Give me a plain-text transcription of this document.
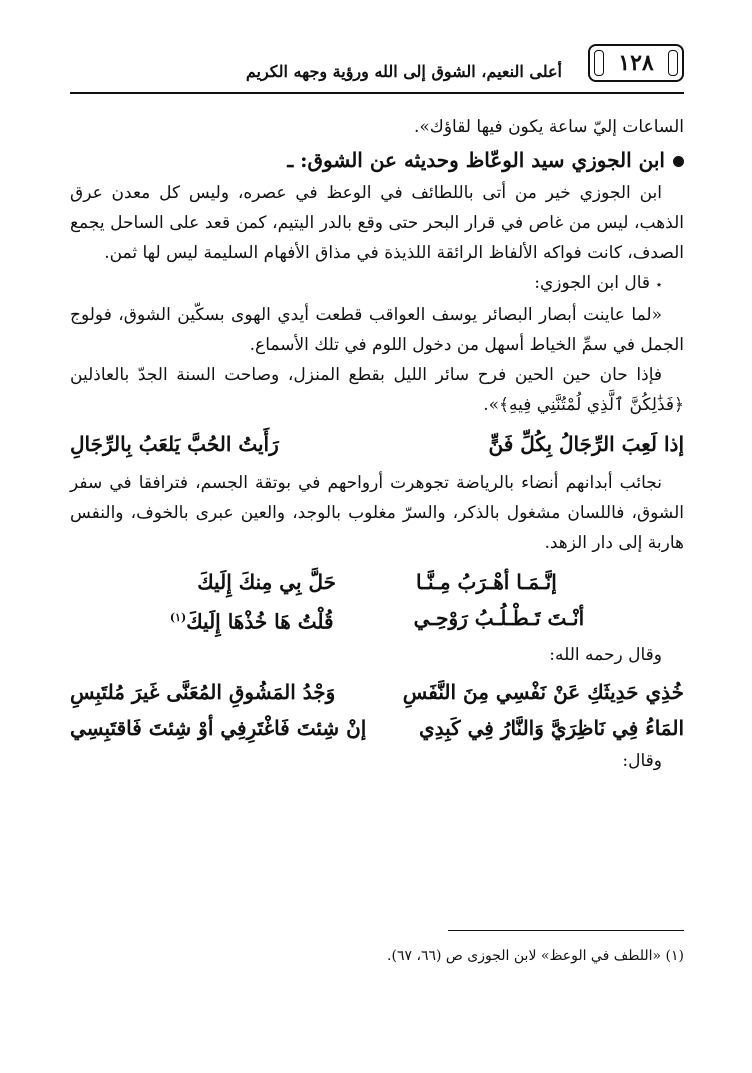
أعلى النعيم، الشوق إلى الله ورؤية وجهه الكريم	١٢٨

الساعات إليّ ساعة يكون فيها لقاؤك».

ابن الجوزي سيد الوعّاظ وحديثه عن الشوق: ـ

ابن الجوزي خير من أتى باللطائف في الوعظ في عصره، وليس كل معدن عرق الذهب، ليس من غاص في قرار البحر حتى وقع بالدر اليتيم، كمن قعد على الساحل يجمع الصدف، كانت فواكه الألفاظ الرائقة اللذيذة في مذاق الأفهام السليمة ليس لها ثمن.

٭قال ابن الجوزي:

«لما عاينت أبصار البصائر يوسف العواقب قطعت أيدي الهوى بسكّين الشوق، فولوج الجمل في سمِّ الخياط أسهل من دخول اللوم في تلك الأسماع.

فإذا حان حين الحين فرح سائر الليل بقطع المنزل، وصاحت السنة الجدّ بالعاذلين ﴿فَذَٰلِكُنَّ ٱلَّذِي لُمْتُنَّنِي فِيهِ﴾».

إذا لَعِبَ الرِّجَالُ بِكُلِّ فَنٍّ
رَأَيتُ الحُبَّ يَلعَبُ بِالرِّجَالِ

نجائب أبدانهم أنضاء بالرياضة تجوهرت أرواحهم في بوتقة الجسم، فترافقا في سفر الشوق، فاللسان مشغول بالذكر، والسرّ مغلوب بالوجد، والعين عبرى بالخوف، والنفس هاربة إلى دار الزهد.

إنَّـمَـا أهْـرَبُ مِـنَّـا
حَلَّ بِي مِنكَ إِلَيكَ
أنْـتَ تَـطْـلُـبُ رَوْحِـي
قُلْتُ هَا خُذْهَا إِلَيكَ$^{(١)}$

وقال رحمه الله:

خُذِي حَدِيثَكِ عَنْ نَفْسِي مِنَ النَّفَسِ
وَجْدُ المَشُوقِ المُعَنَّى غَيرَ مُلتَبِسِ
المَاءُ فِي نَاظِرَيَّ وَالنَّارُ فِي كَبِدِي
إنْ شِئتَ فَاغْتَرِفِي أوْ شِئتَ فَاقتَبِسِي

وقال:

(١) «اللطف في الوعظ» لابن الجوزى ص (٦٦، ٦٧).
